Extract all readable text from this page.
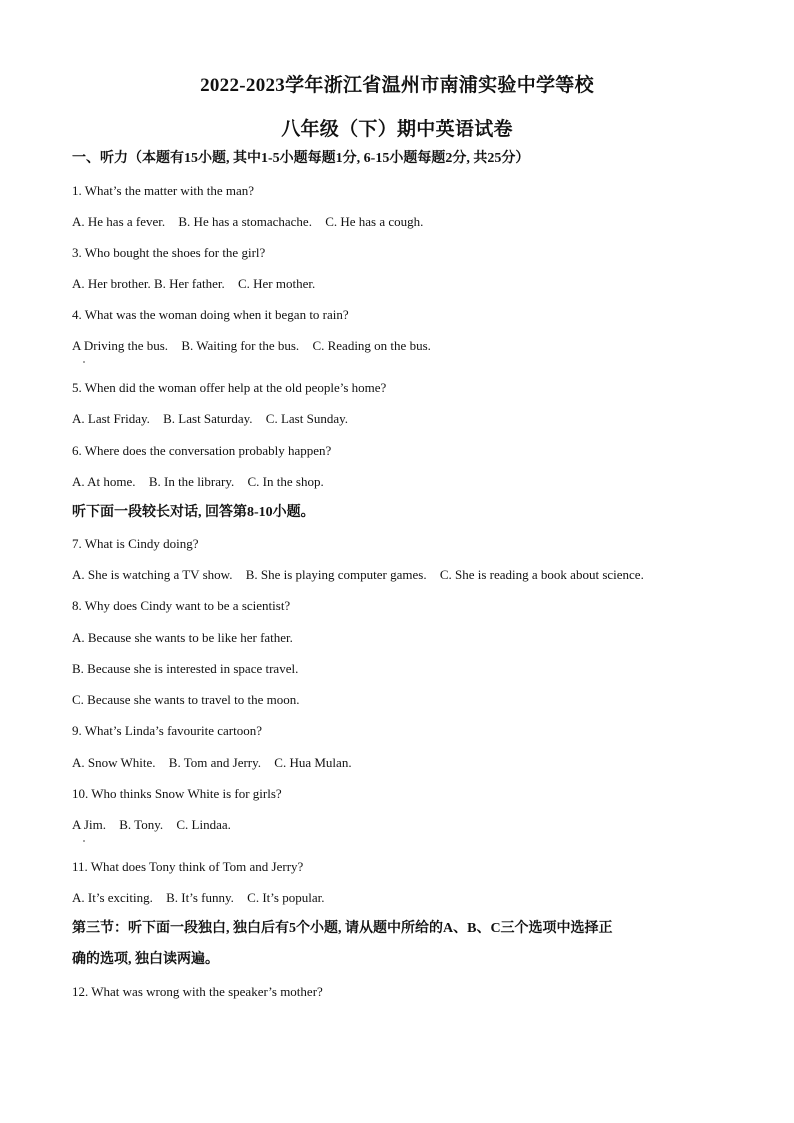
2022-2023学年浙江省温州市南浦实验中学等校
八年级（下）期中英语试卷
一、听力（本题有15小题, 其中1-5小题每题1分, 6-15小题每题2分, 共25分）
1. What’s the matter with the man?
A. He has a fever. B. He has a stomachache. C. He has a cough.
3. Who bought the shoes for the girl?
A. Her brother. B. Her father. C. Her mother.
4. What was the woman doing when it began to rain?
A Driving the bus. B. Waiting for the bus. C. Reading on the bus.
5. When did the woman offer help at the old people’s home?
A. Last Friday. B. Last Saturday. C. Last Sunday.
6. Where does the conversation probably happen?
A. At home. B. In the library. C. In the shop.
听下面一段较长对话, 回答第8-10小题。
7. What is Cindy doing?
A. She is watching a TV show. B. She is playing computer games. C. She is reading a book about science.
8. Why does Cindy want to be a scientist?
A. Because she wants to be like her father.
B. Because she is interested in space travel.
C. Because she wants to travel to the moon.
9. What’s Linda’s favourite cartoon?
A. Snow White. B. Tom and Jerry. C. Hua Mulan.
10. Who thinks Snow White is for girls?
A Jim. B. Tony. C. Lindaa.
11. What does Tony think of Tom and Jerry?
A. It’s exciting. B. It’s funny. C. It’s popular.
第三节：听下面一段独白, 独白后有5个小题, 请从题中所给的A、B、C三个选项中选择正
确的选项, 独白读两遍。
12. What was wrong with the speaker’s mother?
